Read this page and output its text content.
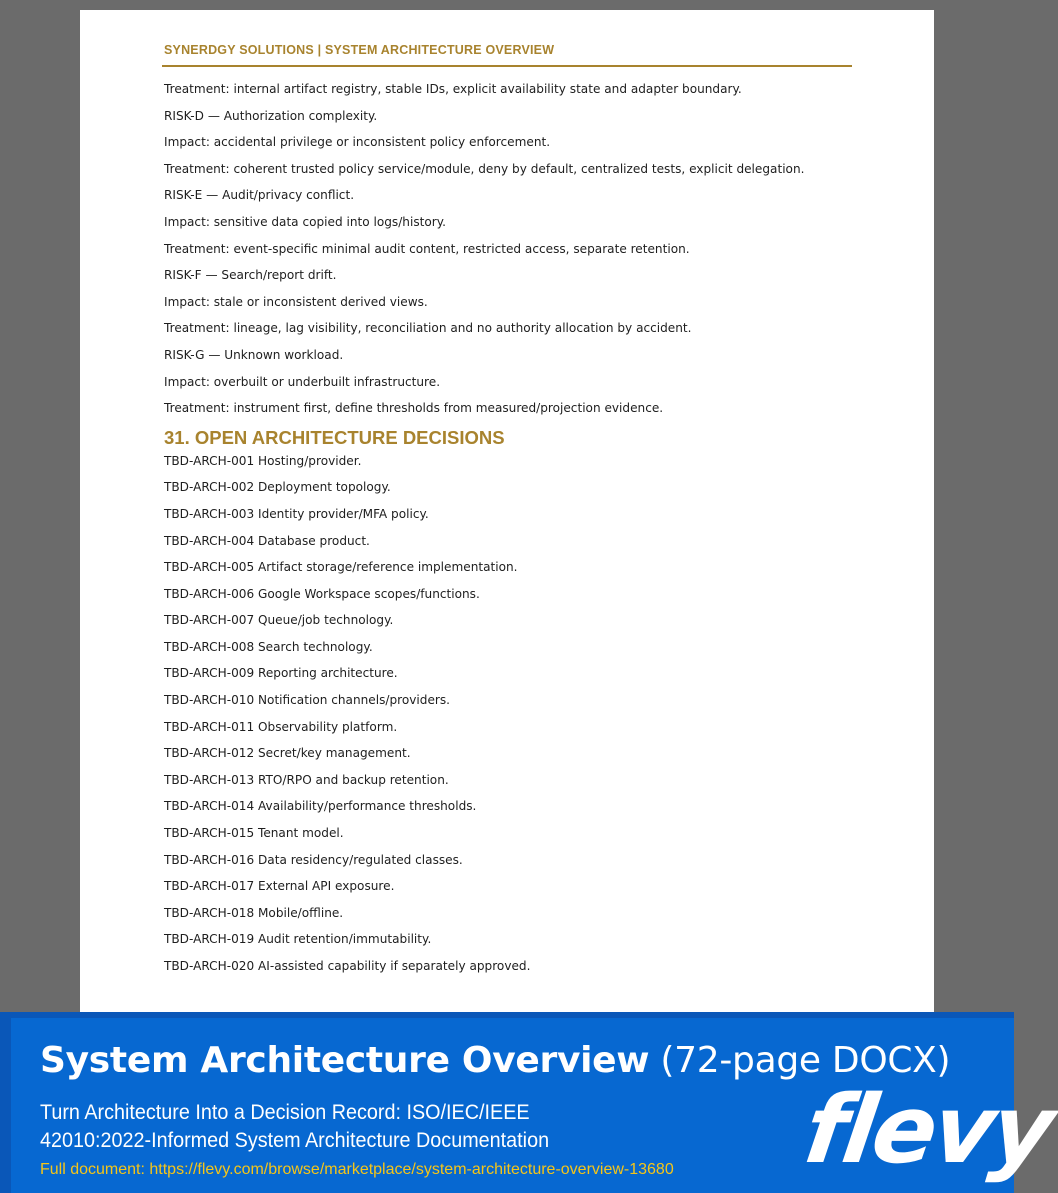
SYNERDGY SOLUTIONS | SYSTEM ARCHITECTURE OVERVIEW
Treatment: internal artifact registry, stable IDs, explicit availability state and adapter boundary.
RISK-D — Authorization complexity.
Impact: accidental privilege or inconsistent policy enforcement.
Treatment: coherent trusted policy service/module, deny by default, centralized tests, explicit delegation.
RISK-E — Audit/privacy conflict.
Impact: sensitive data copied into logs/history.
Treatment: event-specific minimal audit content, restricted access, separate retention.
RISK-F — Search/report drift.
Impact: stale or inconsistent derived views.
Treatment: lineage, lag visibility, reconciliation and no authority allocation by accident.
RISK-G — Unknown workload.
Impact: overbuilt or underbuilt infrastructure.
Treatment: instrument first, define thresholds from measured/projection evidence.
31. OPEN ARCHITECTURE DECISIONS
TBD-ARCH-001 Hosting/provider.
TBD-ARCH-002 Deployment topology.
TBD-ARCH-003 Identity provider/MFA policy.
TBD-ARCH-004 Database product.
TBD-ARCH-005 Artifact storage/reference implementation.
TBD-ARCH-006 Google Workspace scopes/functions.
TBD-ARCH-007 Queue/job technology.
TBD-ARCH-008 Search technology.
TBD-ARCH-009 Reporting architecture.
TBD-ARCH-010 Notification channels/providers.
TBD-ARCH-011 Observability platform.
TBD-ARCH-012 Secret/key management.
TBD-ARCH-013 RTO/RPO and backup retention.
TBD-ARCH-014 Availability/performance thresholds.
TBD-ARCH-015 Tenant model.
TBD-ARCH-016 Data residency/regulated classes.
TBD-ARCH-017 External API exposure.
TBD-ARCH-018 Mobile/offline.
TBD-ARCH-019 Audit retention/immutability.
TBD-ARCH-020 AI-assisted capability if separately approved.
System Architecture Overview (72-page DOCX)
Turn Architecture Into a Decision Record: ISO/IEC/IEEE 42010:2022-Informed System Architecture Documentation
Full document: https://flevy.com/browse/marketplace/system-architecture-overview-13680 flevy
